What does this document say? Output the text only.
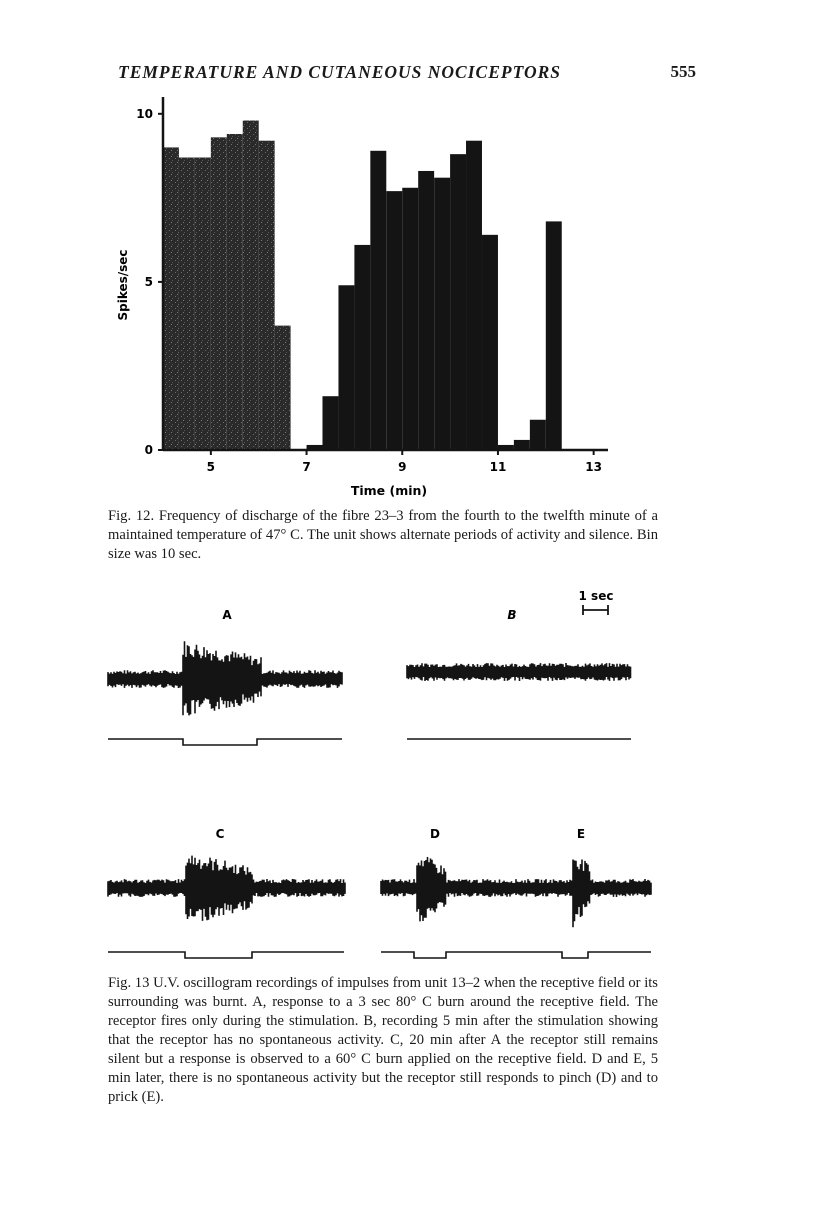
TEMPERATURE AND CUTANEOUS NOCICEPTORS	555
0
5
10
5	7	9	11	13
Spikes/sec
Time (min)

Fig. 12. Frequency of discharge of the fibre 23–3 from the fourth to the twelfth minute of a maintained temperature of 47° C. The unit shows alternate periods of activity and silence. Bin size was 10 sec.

1 sec
A	B
C	D	E

Fig. 13 U.V. oscillogram recordings of impulses from unit 13–2 when the receptive field or its surrounding was burnt. A, response to a 3 sec 80° C burn around the receptive field. The receptor fires only during the stimulation. B, recording 5 min after the stimulation showing that the receptor has no spontaneous activity. C, 20 min after A the receptor still remains silent but a response is observed to a 60° C burn applied on the receptive field. D and E, 5 min later, there is no spontaneous activity but the receptor still responds to pinch (D) and to prick (E).
